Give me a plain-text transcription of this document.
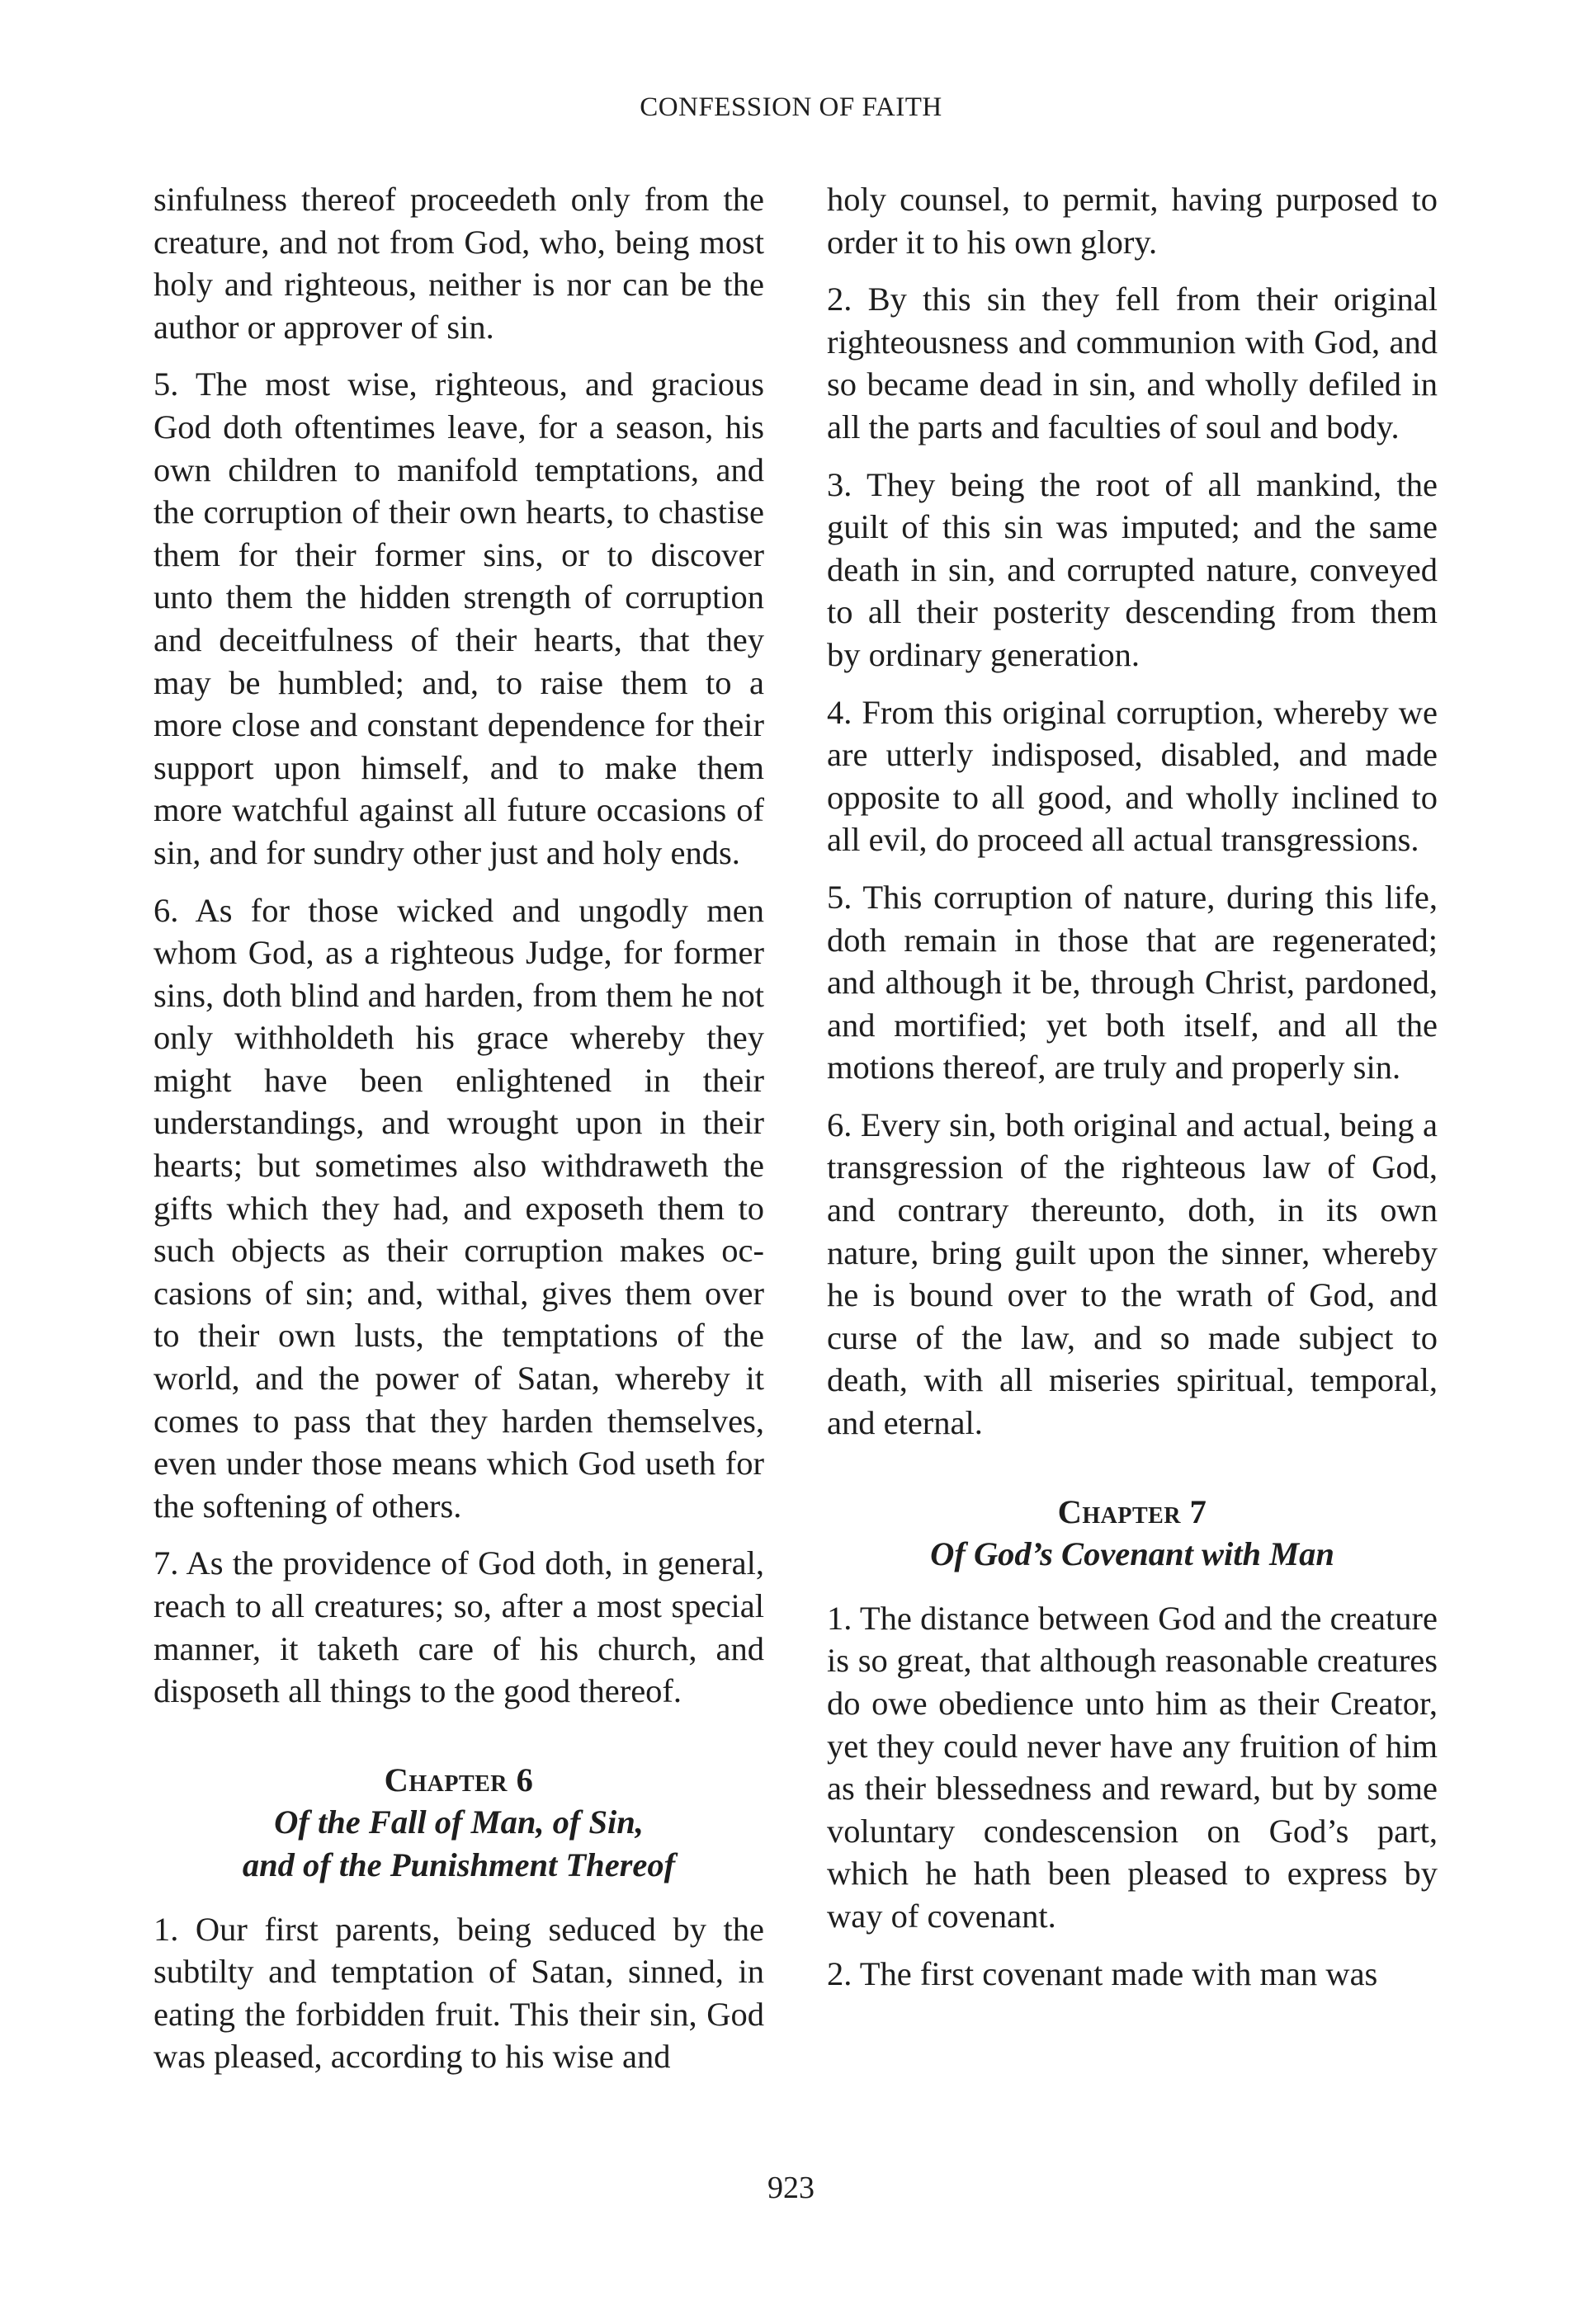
CONFESSION OF FAITH

sinfulness thereof proceedeth only from the creature, and not from God, who, being most holy and righteous, neither is nor can be the author or approver of sin.

5. The most wise, righteous, and gracious God doth oftentimes leave, for a season, his own children to manifold temptations, and the corruption of their own hearts, to chastise them for their former sins, or to discover unto them the hidden strength of corruption and deceitfulness of their hearts, that they may be humbled; and, to raise them to a more close and constant dependence for their support upon himself, and to make them more watchful against all future occasions of sin, and for sundry other just and holy ends.

6. As for those wicked and ungodly men whom God, as a righteous Judge, for former sins, doth blind and harden, from them he not only withholdeth his grace whereby they might have been enlightened in their understandings, and wrought upon in their hearts; but sometimes also withdraweth the gifts which they had, and exposeth them to such objects as their corruption makes occasions of sin; and, withal, gives them over to their own lusts, the temptations of the world, and the power of Satan, whereby it comes to pass that they harden themselves, even under those means which God useth for the softening of others.

7. As the providence of God doth, in general, reach to all creatures; so, after a most special manner, it taketh care of his church, and disposeth all things to the good thereof.

Chapter 6
Of the Fall of Man, of Sin,
and of the Punishment Thereof

1. Our first parents, being seduced by the subtilty and temptation of Satan, sinned, in eating the forbidden fruit. This their sin, God was pleased, according to his wise and

holy counsel, to permit, having purposed to order it to his own glory.

2. By this sin they fell from their original righteousness and communion with God, and so became dead in sin, and wholly defiled in all the parts and faculties of soul and body.

3. They being the root of all mankind, the guilt of this sin was imputed; and the same death in sin, and corrupted nature, conveyed to all their posterity descending from them by ordinary generation.

4. From this original corruption, whereby we are utterly indisposed, disabled, and made opposite to all good, and wholly inclined to all evil, do proceed all actual transgressions.

5. This corruption of nature, during this life, doth remain in those that are regenerated; and although it be, through Christ, pardoned, and mortified; yet both itself, and all the motions thereof, are truly and properly sin.

6. Every sin, both original and actual, being a transgression of the righteous law of God, and contrary thereunto, doth, in its own nature, bring guilt upon the sinner, whereby he is bound over to the wrath of God, and curse of the law, and so made subject to death, with all miseries spiritual, temporal, and eternal.

Chapter 7
Of God’s Covenant with Man

1. The distance between God and the creature is so great, that although reasonable creatures do owe obedience unto him as their Creator, yet they could never have any fruition of him as their blessedness and reward, but by some voluntary condescension on God’s part, which he hath been pleased to express by way of covenant.

2. The first covenant made with man was

923
